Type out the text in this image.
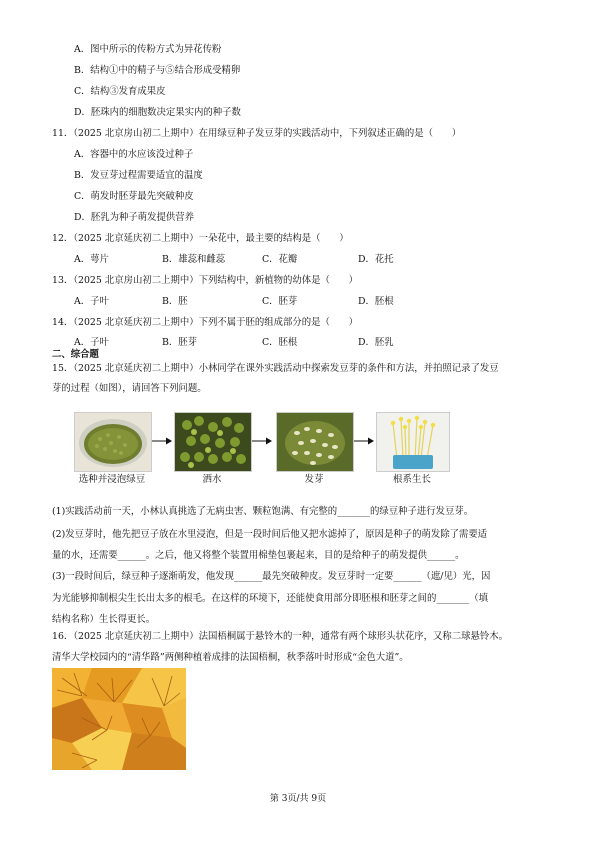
A．图中所示的传粉方式为异花传粉
B．结构①中的精子与⑤结合形成受精卵
C．结构③发育成果皮
D．胚珠内的细胞数决定果实内的种子数
11．（2025 北京房山初二上期中）在用绿豆种子发豆芽的实践活动中，下列叙述正确的是（　　）
A．容器中的水应该没过种子
B．发豆芽过程需要适宜的温度
C．萌发时胚芽最先突破种皮
D．胚乳为种子萌发提供营养
12．（2025 北京延庆初二上期中）一朵花中，最主要的结构是（　　）
A．萼片	B．雄蕊和雌蕊	C．花瓣	D．花托
13．（2025 北京房山初二上期中）下列结构中，新植物的幼体是（　　）
A．子叶	B．胚	C．胚芽	D．胚根
14．（2025 北京延庆初二上期中）下列不属于胚的组成部分的是（　　）
A．子叶	B．胚芽	C．胚根	D．胚乳
二、综合题
15．（2025 北京延庆初二上期中）小林同学在课外实践活动中探索发豆芽的条件和方法，并拍照记录了发豆
芽的过程（如图），请回答下列问题。
选种并浸泡绿豆	洒水	发芽	根系生长
(1)实践活动前一天，小林认真挑选了无病虫害、颗粒饱满、有完整的_______的绿豆种子进行发豆芽。
(2)发豆芽时，他先把豆子放在水里浸泡，但是一段时间后他又把水滤掉了，原因是种子的萌发除了需要适
量的水，还需要______。之后，他又将整个装置用棉垫包裹起来，目的是给种子的萌发提供______。
(3)一段时间后，绿豆种子逐渐萌发，他发现______最先突破种皮。发豆芽时一定要______（遮/见）光，因
为光能够抑制根尖生长出太多的根毛。在这样的环境下，还能使食用部分即胚根和胚芽之间的_______（填
结构名称）生长得更长。
16．（2025 北京延庆初二上期中）法国梧桐属于悬铃木的一种，通常有两个球形头状花序，又称二球悬铃木。
清华大学校园内的“清华路”两侧种植着成排的法国梧桐，秋季落叶时形成“金色大道”。
第 3页/共 9页
